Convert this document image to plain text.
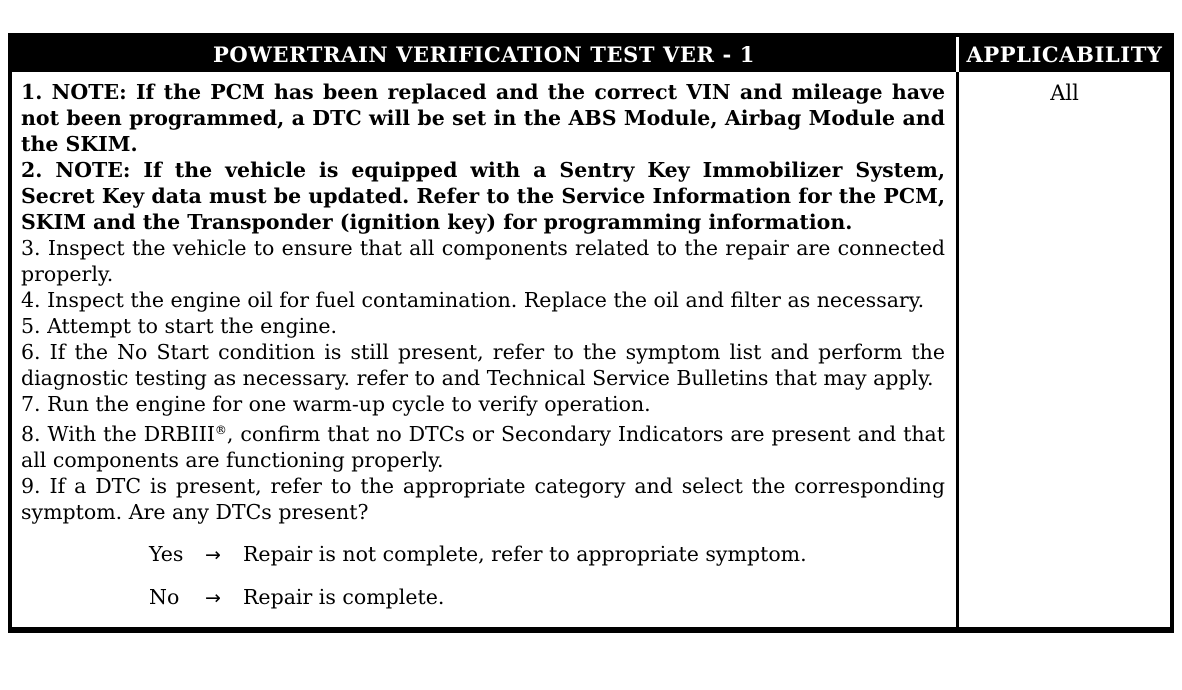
POWERTRAIN VERIFICATION TEST VER - 1	APPLICABILITY

1. NOTE: If the PCM has been replaced and the correct VIN and mileage have not been programmed, a DTC will be set in the ABS Module, Airbag Module and the SKIM.

2. NOTE: If the vehicle is equipped with a Sentry Key Immobilizer System, Secret Key data must be updated. Refer to the Service Information for the PCM, SKIM and the Transponder (ignition key) for programming information.

3. Inspect the vehicle to ensure that all components related to the repair are connected properly.

4. Inspect the engine oil for fuel contamination. Replace the oil and filter as necessary.

5. Attempt to start the engine.

6. If the No Start condition is still present, refer to the symptom list and perform the diagnostic testing as necessary. refer to and Technical Service Bulletins that may apply.

7. Run the engine for one warm-up cycle to verify operation.

8. With the DRBIII®, confirm that no DTCs or Secondary Indicators are present and that all components are functioning properly.

9. If a DTC is present, refer to the appropriate category and select the corresponding symptom. Are any DTCs present?

Yes	→	Repair is not complete, refer to appropriate symptom.
No	→	Repair is complete.
All
